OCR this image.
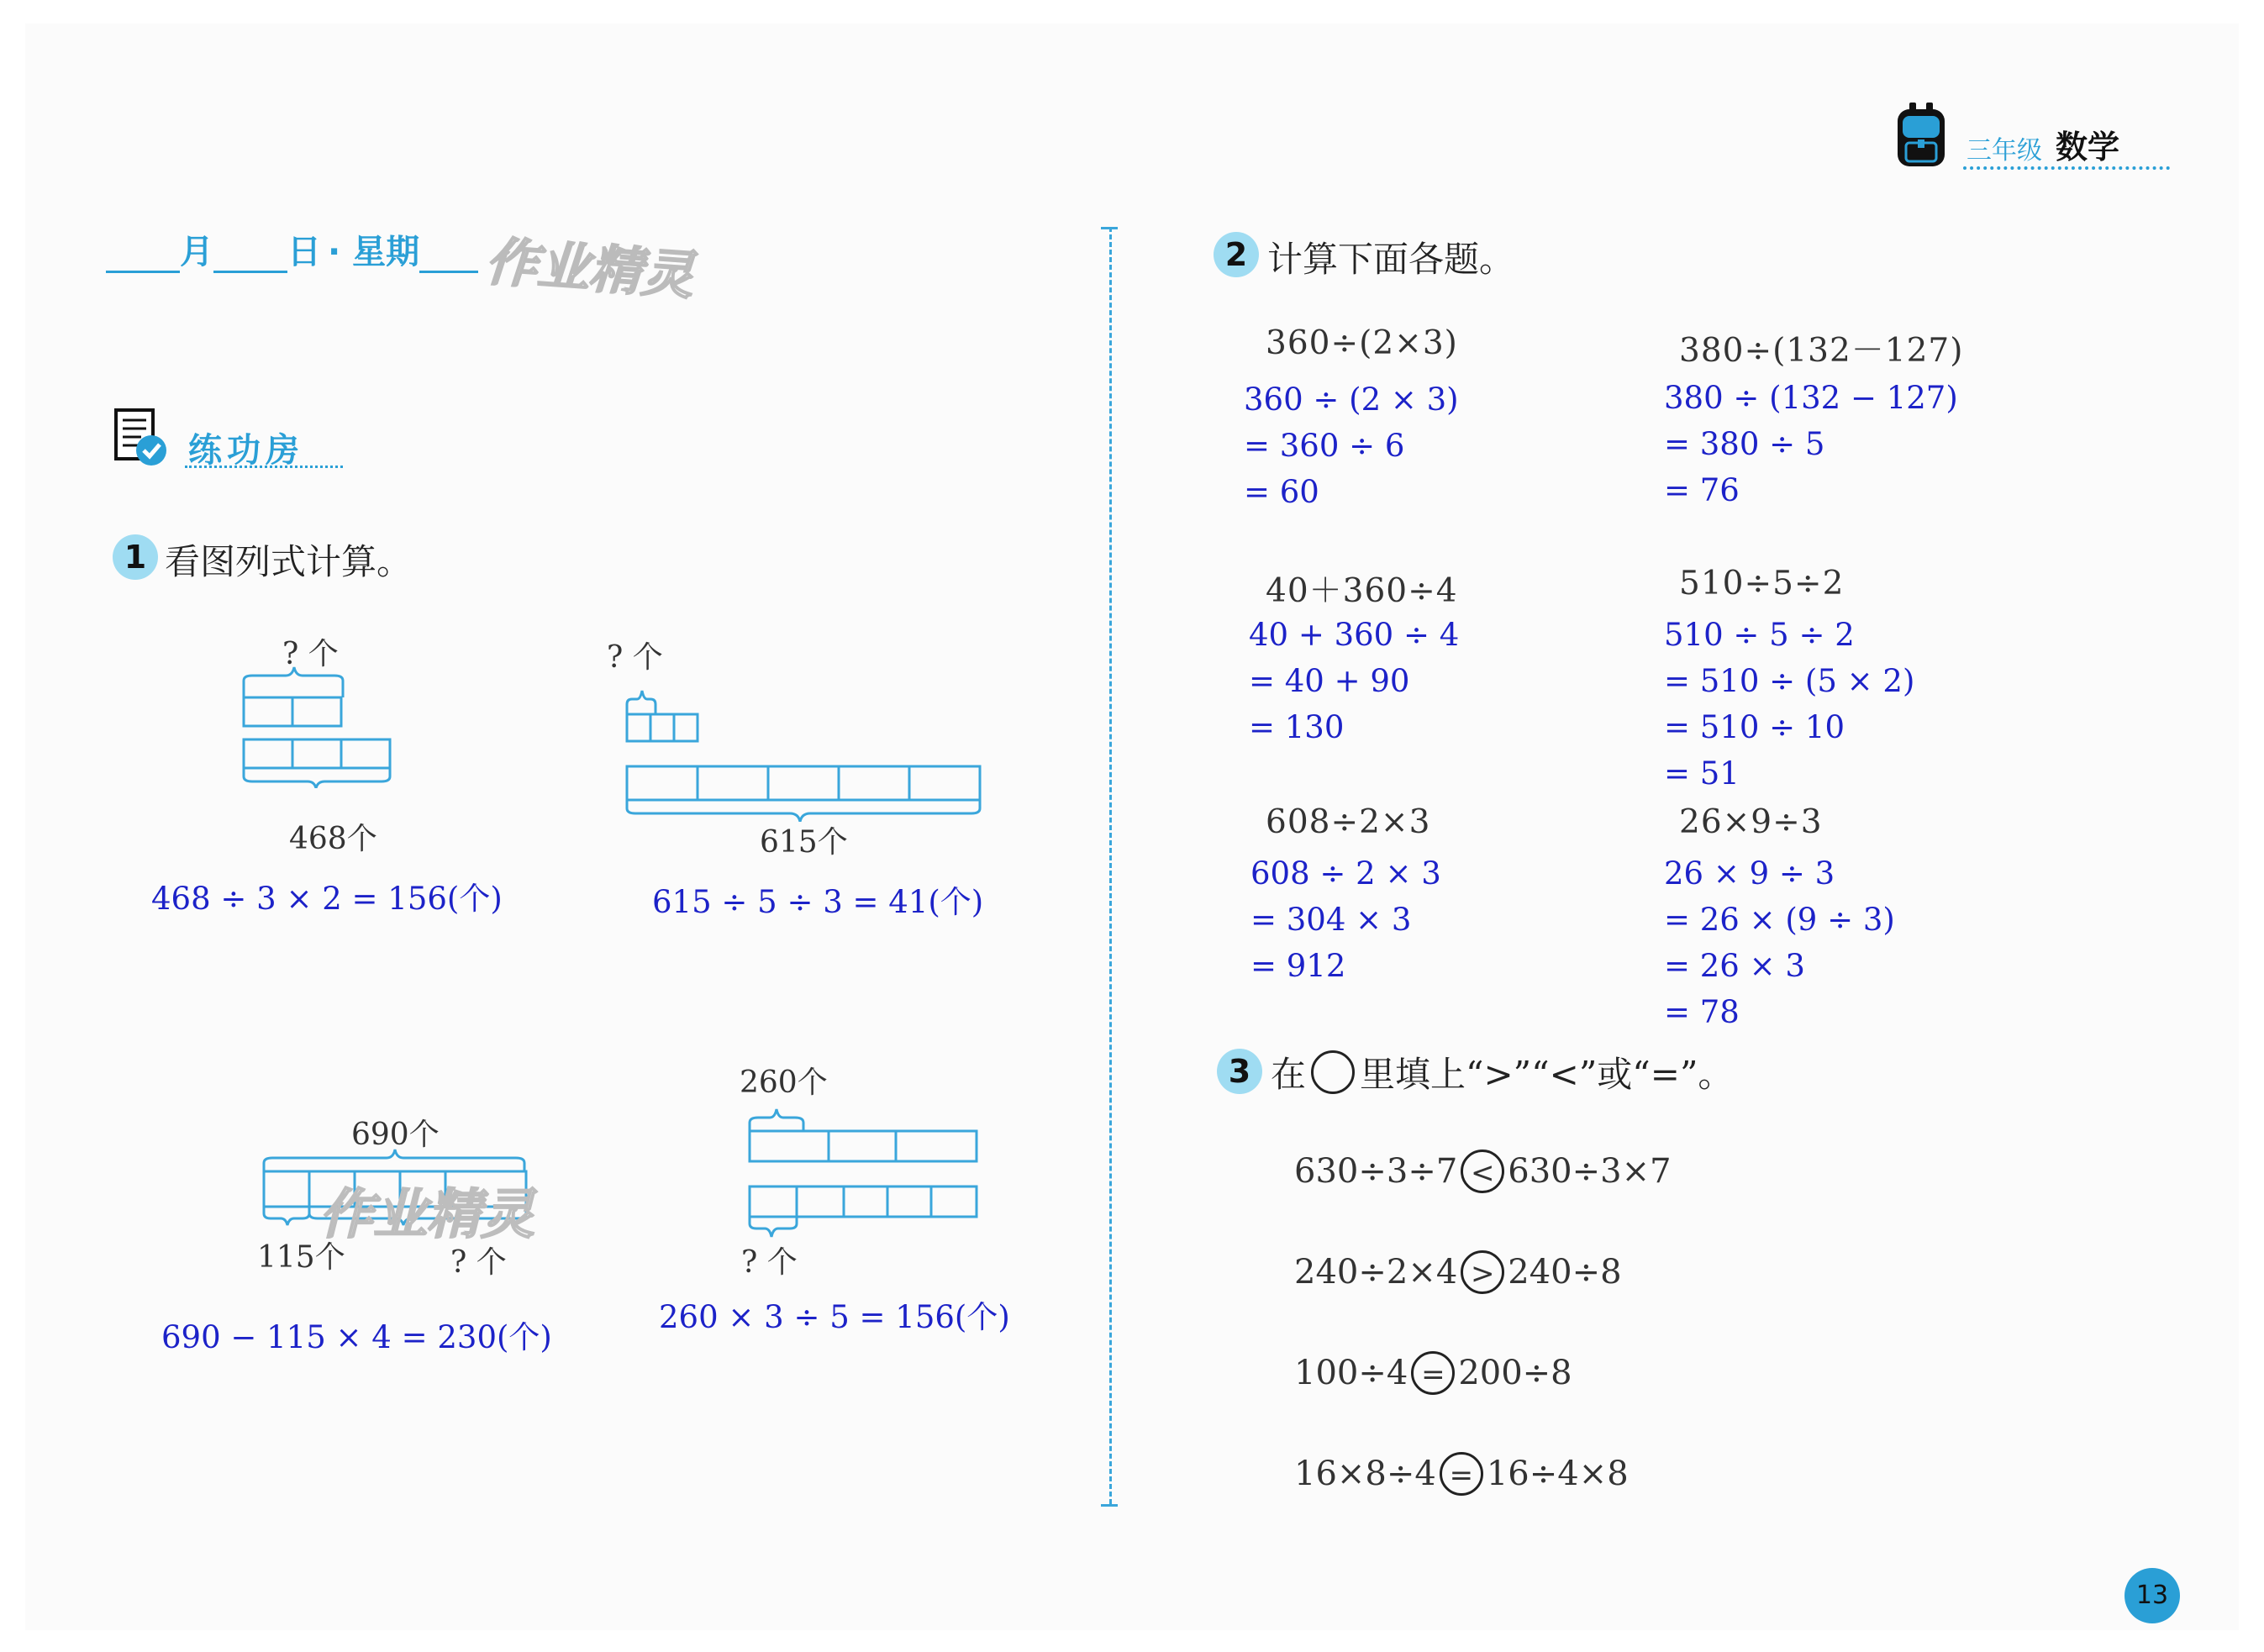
三年级 数学
月 日 · 星期 作业精灵
练功房
1 看图列式计算。
? 个
468个
468 ÷ 3 × 2 = 156(个)
? 个
615个
615 ÷ 5 ÷ 3 = 41(个)
690个
115个	? 个
作业精灵
690 − 115 × 4 = 230(个)
260个
? 个
260 × 3 ÷ 5 = 156(个)
2 计算下面各题。
360÷(2×3)
360 ÷ (2 × 3)
= 360 ÷ 6
= 60
380÷(132－127)
380 ÷ (132 − 127)
= 380 ÷ 5
= 76
40＋360÷4
40 + 360 ÷ 4
= 40 + 90
= 130
510÷5÷2
510 ÷ 5 ÷ 2
= 510 ÷ (5 × 2)
= 510 ÷ 10
= 51
608÷2×3
608 ÷ 2 × 3
= 304 × 3
= 912
26×9÷3
26 × 9 ÷ 3
= 26 × (9 ÷ 3)
= 26 × 3
= 78
3 在 里填上“>”“<”或“=”。
630÷3÷7 < 630÷3×7
240÷2×4 > 240÷8
100÷4 = 200÷8
16×8÷4 = 16÷4×8
13
